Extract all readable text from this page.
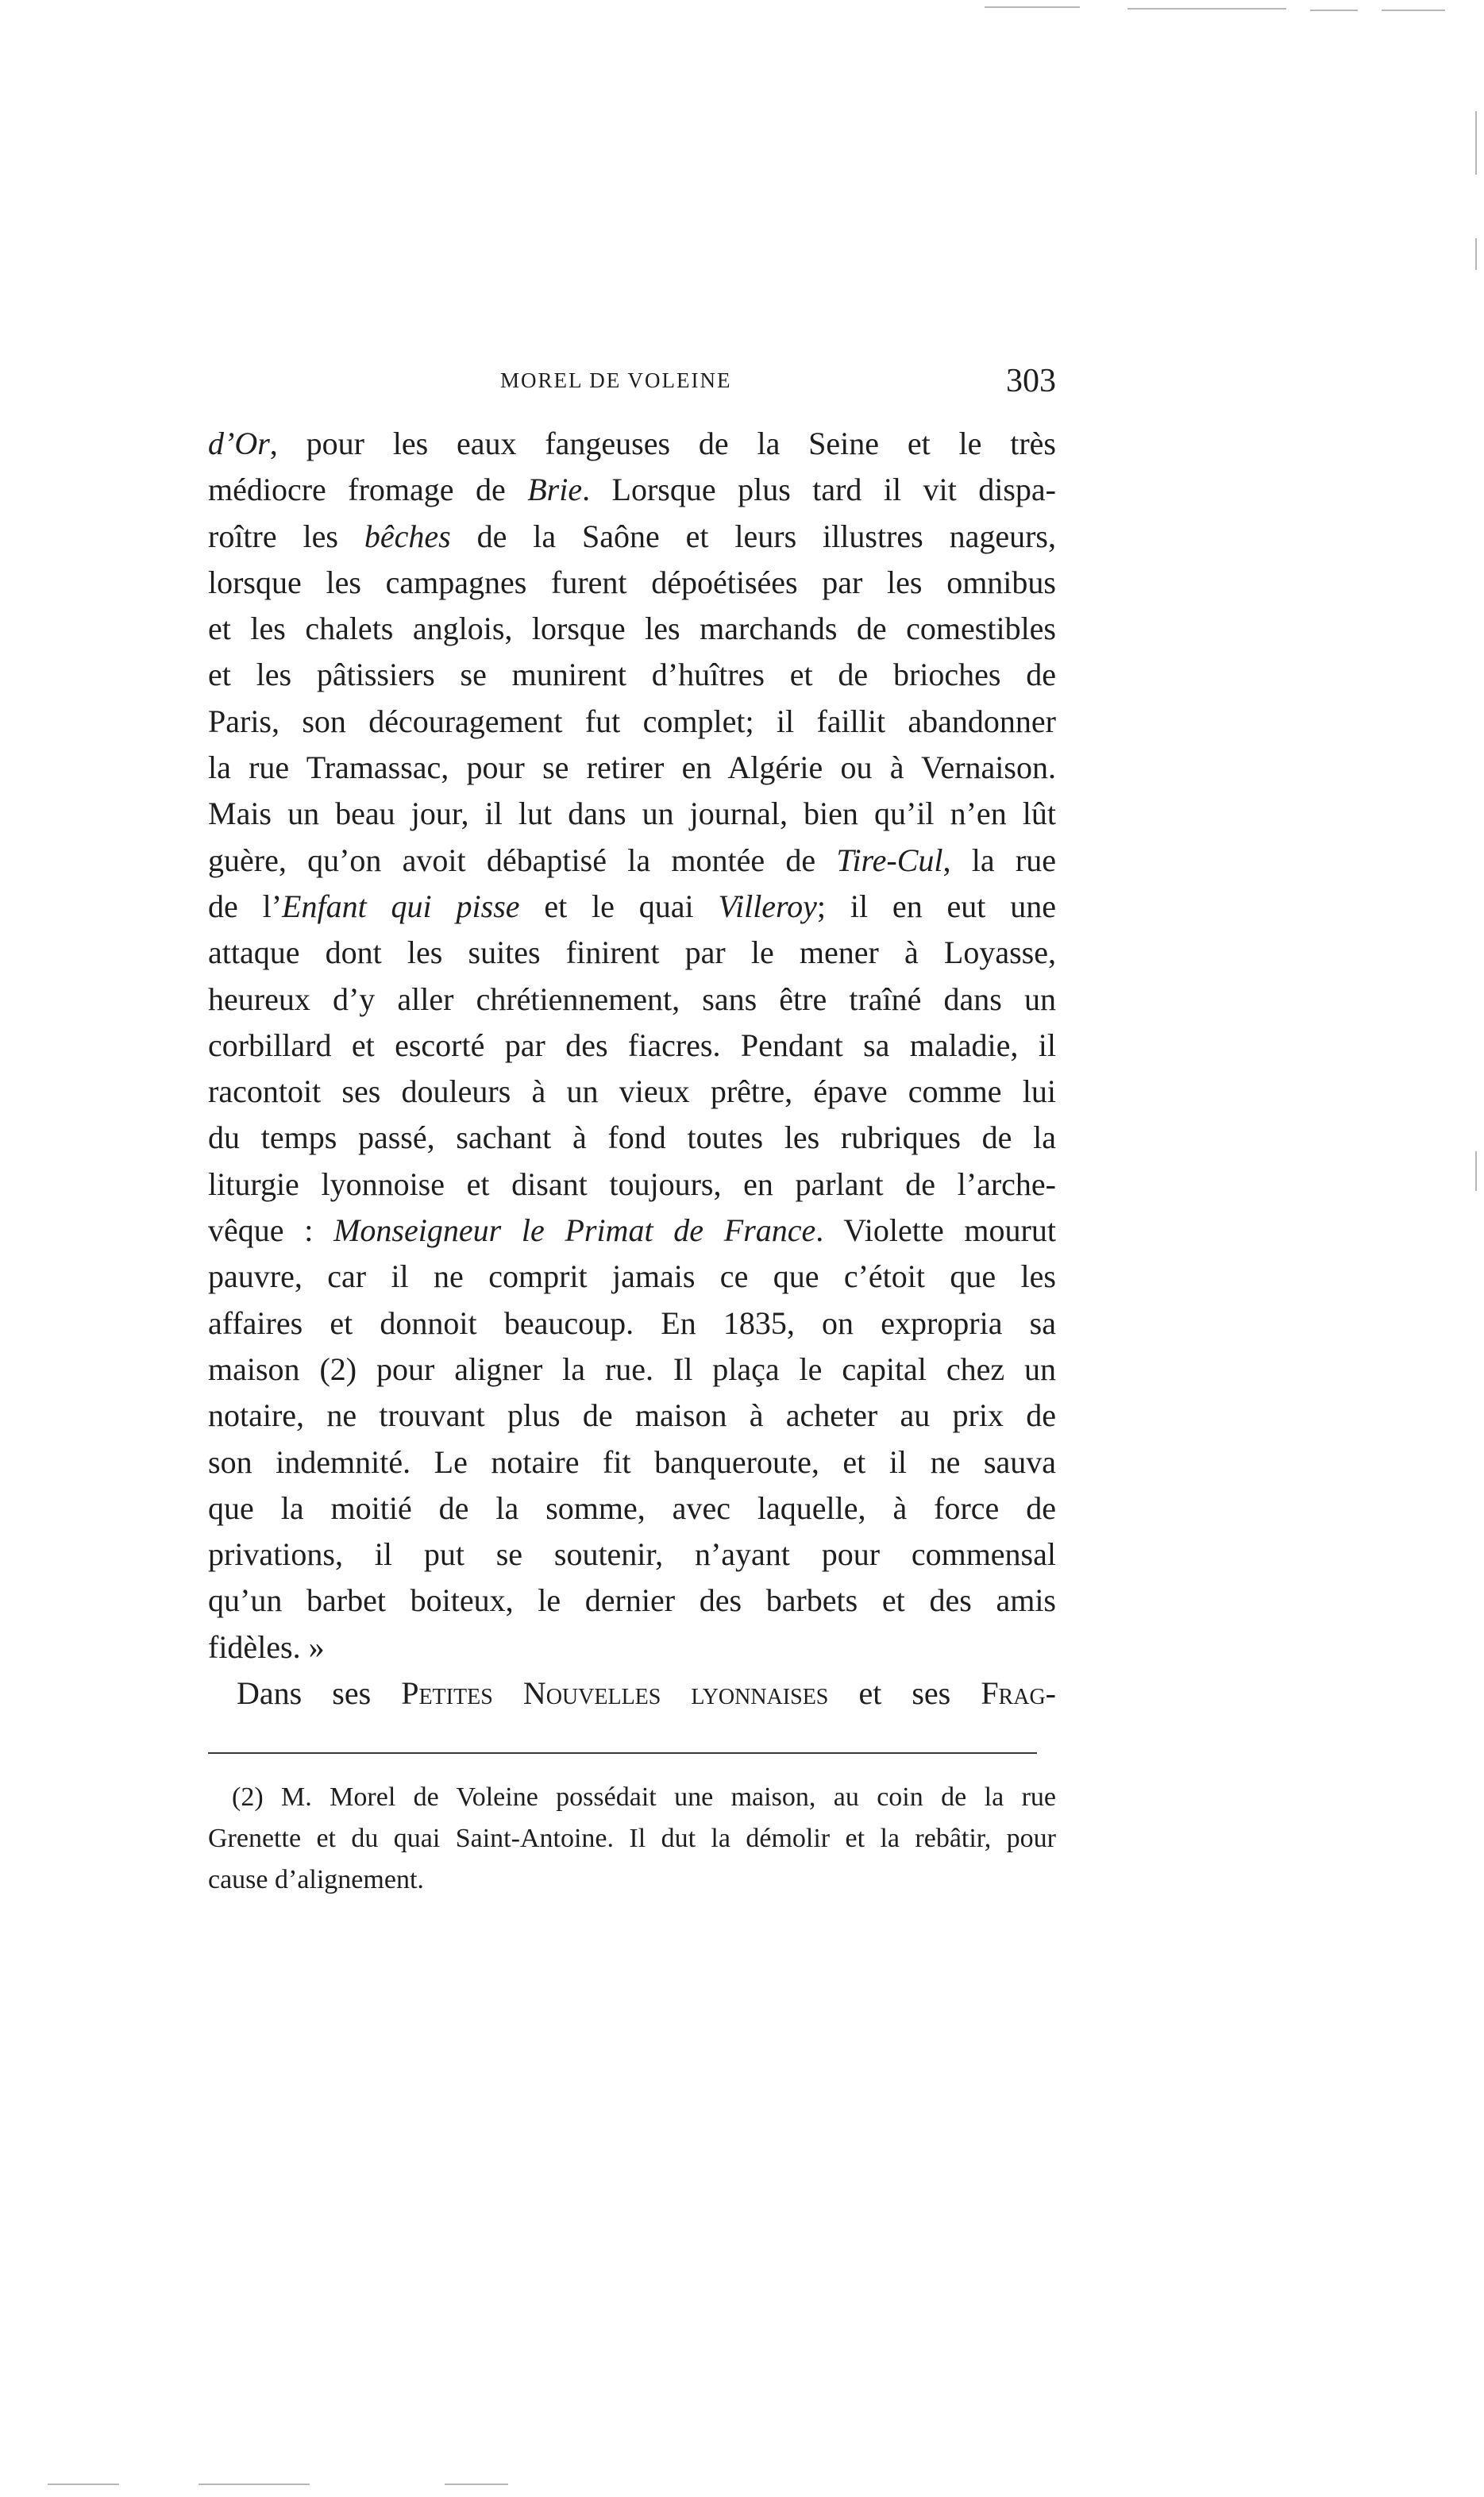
MOREL DE VOLEINE	303
d’Or, pour les eaux fangeuses de la Seine et le très
médiocre fromage de Brie. Lorsque plus tard il vit dispa-
roître les bêches de la Saône et leurs illustres nageurs,
lorsque les campagnes furent dépoétisées par les omnibus
et les chalets anglois, lorsque les marchands de comestibles
et les pâtissiers se munirent d’huîtres et de brioches de
Paris, son découragement fut complet; il faillit abandonner
la rue Tramassac, pour se retirer en Algérie ou à Vernaison.
Mais un beau jour, il lut dans un journal, bien qu’il n’en lût
guère, qu’on avoit débaptisé la montée de Tire-Cul, la rue
de l’Enfant qui pisse et le quai Villeroy; il en eut une
attaque dont les suites finirent par le mener à Loyasse,
heureux d’y aller chrétiennement, sans être traîné dans un
corbillard et escorté par des fiacres. Pendant sa maladie, il
racontoit ses douleurs à un vieux prêtre, épave comme lui
du temps passé, sachant à fond toutes les rubriques de la
liturgie lyonnoise et disant toujours, en parlant de l’arche-
vêque : Monseigneur le Primat de France. Violette mourut
pauvre, car il ne comprit jamais ce que c’étoit que les
affaires et donnoit beaucoup. En 1835, on expropria sa
maison (2) pour aligner la rue. Il plaça le capital chez un
notaire, ne trouvant plus de maison à acheter au prix de
son indemnité. Le notaire fit banqueroute, et il ne sauva
que la moitié de la somme, avec laquelle, à force de
privations, il put se soutenir, n’ayant pour commensal
qu’un barbet boiteux, le dernier des barbets et des amis
fidèles. »
Dans ses Petites Nouvelles lyonnaises et ses Frag-
(2) M. Morel de Voleine possédait une maison, au coin de la rue
Grenette et du quai Saint-Antoine. Il dut la démolir et la rebâtir, pour
cause d’alignement.
